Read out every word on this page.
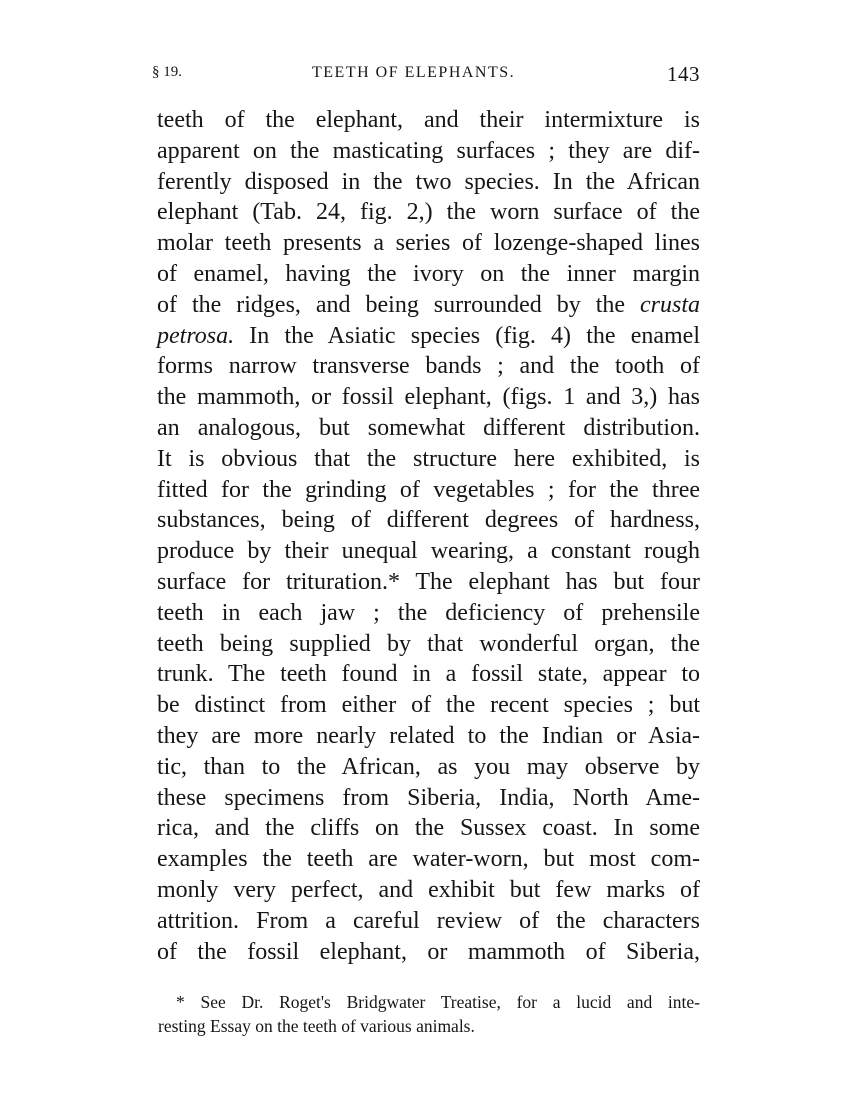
§ 19.	TEETH OF ELEPHANTS.	143
teeth of the elephant, and their intermixture is
apparent on the masticating surfaces ; they are dif-
ferently disposed in the two species. In the African
elephant (Tab. 24, fig. 2,) the worn surface of the
molar teeth presents a series of lozenge-shaped lines
of enamel, having the ivory on the inner margin
of the ridges, and being surrounded by the crusta
petrosa. In the Asiatic species (fig. 4) the enamel
forms narrow transverse bands ; and the tooth of
the mammoth, or fossil elephant, (figs. 1 and 3,) has
an analogous, but somewhat different distribution.
It is obvious that the structure here exhibited, is
fitted for the grinding of vegetables ; for the three
substances, being of different degrees of hardness,
produce by their unequal wearing, a constant rough
surface for trituration.* The elephant has but four
teeth in each jaw ; the deficiency of prehensile
teeth being supplied by that wonderful organ, the
trunk. The teeth found in a fossil state, appear to
be distinct from either of the recent species ; but
they are more nearly related to the Indian or Asia-
tic, than to the African, as you may observe by
these specimens from Siberia, India, North Ame-
rica, and the cliffs on the Sussex coast. In some
examples the teeth are water-worn, but most com-
monly very perfect, and exhibit but few marks of
attrition. From a careful review of the characters
of the fossil elephant, or mammoth of Siberia,
* See Dr. Roget's Bridgwater Treatise, for a lucid and inte-
resting Essay on the teeth of various animals.
